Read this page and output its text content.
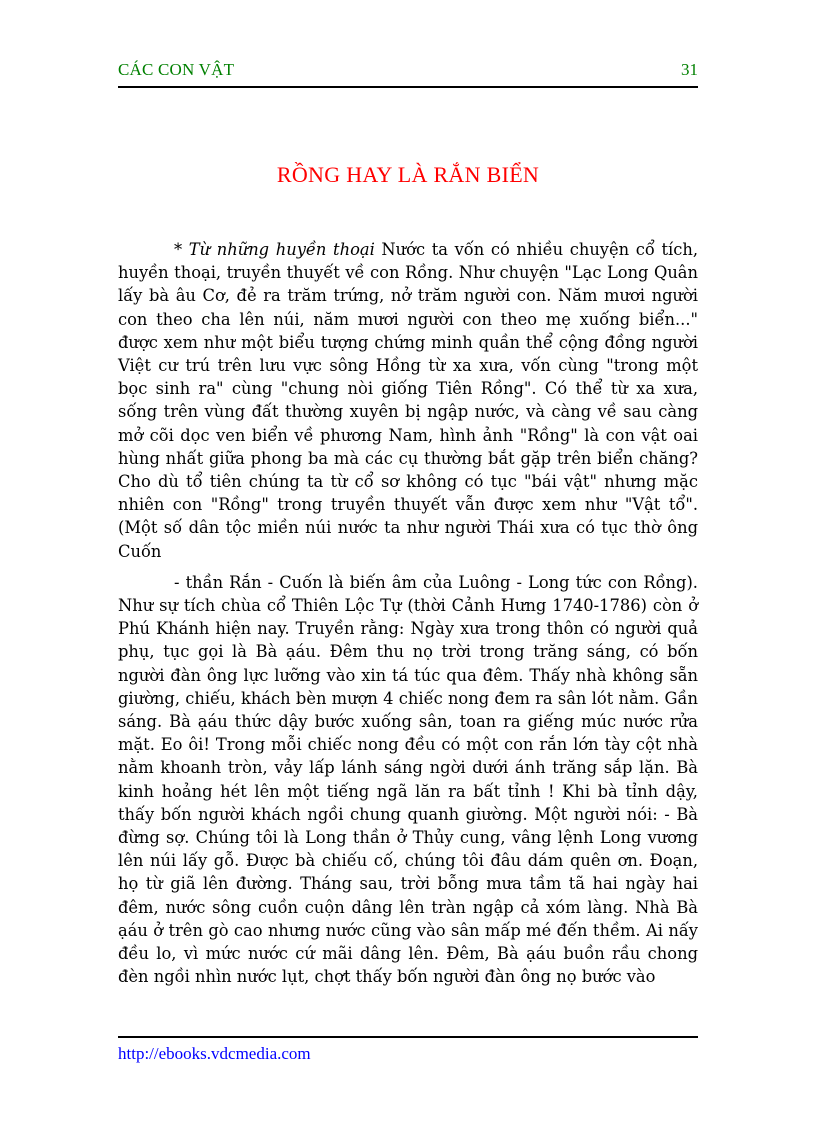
CÁC CON VẬT	31
RỒNG HAY LÀ RẮN BIỂN

* Từ những huyền thoại Nước ta vốn có nhiều chuyện cổ tích, huyền thoại, truyền thuyết về con Rồng. Như chuyện "Lạc Long Quân lấy bà âu Cơ, đẻ ra trăm trứng, nở trăm người con. Năm mươi người con theo cha lên núi, năm mươi người con theo mẹ xuống biển..." được xem như một biểu tượng chứng minh quần thể cộng đồng người Việt cư trú trên lưu vực sông Hồng từ xa xưa, vốn cùng "trong một bọc sinh ra" cùng "chung nòi giống Tiên Rồng". Có thể từ xa xưa, sống trên vùng đất thường xuyên bị ngập nước, và càng về sau càng mở cõi dọc ven biển về phương Nam, hình ảnh "Rồng" là con vật oai hùng nhất giữa phong ba mà các cụ thường bắt gặp trên biển chăng? Cho dù tổ tiên chúng ta từ cổ sơ không có tục "bái vật" nhưng mặc nhiên con "Rồng" trong truyền thuyết vẫn được xem như "Vật tổ". (Một số dân tộc miền núi nước ta như người Thái xưa có tục thờ ông Cuốn

- thần Rắn - Cuốn là biến âm của Luông - Long tức con Rồng). Như sự tích chùa cổ Thiên Lộc Tự (thời Cảnh Hưng 1740-1786) còn ở Phú Khánh hiện nay. Truyền rằng: Ngày xưa trong thôn có người quả phụ, tục gọi là Bà ạáu. Đêm thu nọ trời trong trăng sáng, có bốn người đàn ông lực lưỡng vào xin tá túc qua đêm. Thấy nhà không sẵn giường, chiếu, khách bèn mượn 4 chiếc nong đem ra sân lót nằm. Gần sáng. Bà ạáu thức dậy bước xuống sân, toan ra giếng múc nước rửa mặt. Eo ôi! Trong mỗi chiếc nong đều có một con rắn lớn tày cột nhà nằm khoanh tròn, vảy lấp lánh sáng ngời dưới ánh trăng sắp lặn. Bà kinh hoảng hét lên một tiếng ngã lăn ra bất tỉnh ! Khi bà tỉnh dậy, thấy bốn người khách ngồi chung quanh giường. Một người nói: - Bà đừng sợ. Chúng tôi là Long thần ở Thủy cung, vâng lệnh Long vương lên núi lấy gỗ. Được bà chiếu cố, chúng tôi đâu dám quên ơn. Đoạn, họ từ giã lên đường. Tháng sau, trời bỗng mưa tầm tã hai ngày hai đêm, nước sông cuồn cuộn dâng lên tràn ngập cả xóm làng. Nhà Bà ạáu ở trên gò cao nhưng nước cũng vào sân mấp mé đến thềm. Ai nấy đều lo, vì mức nước cứ mãi dâng lên. Đêm, Bà ạáu buồn rầu chong đèn ngồi nhìn nước lụt, chợt thấy bốn người đàn ông nọ bước vào

http://ebooks.vdcmedia.com
